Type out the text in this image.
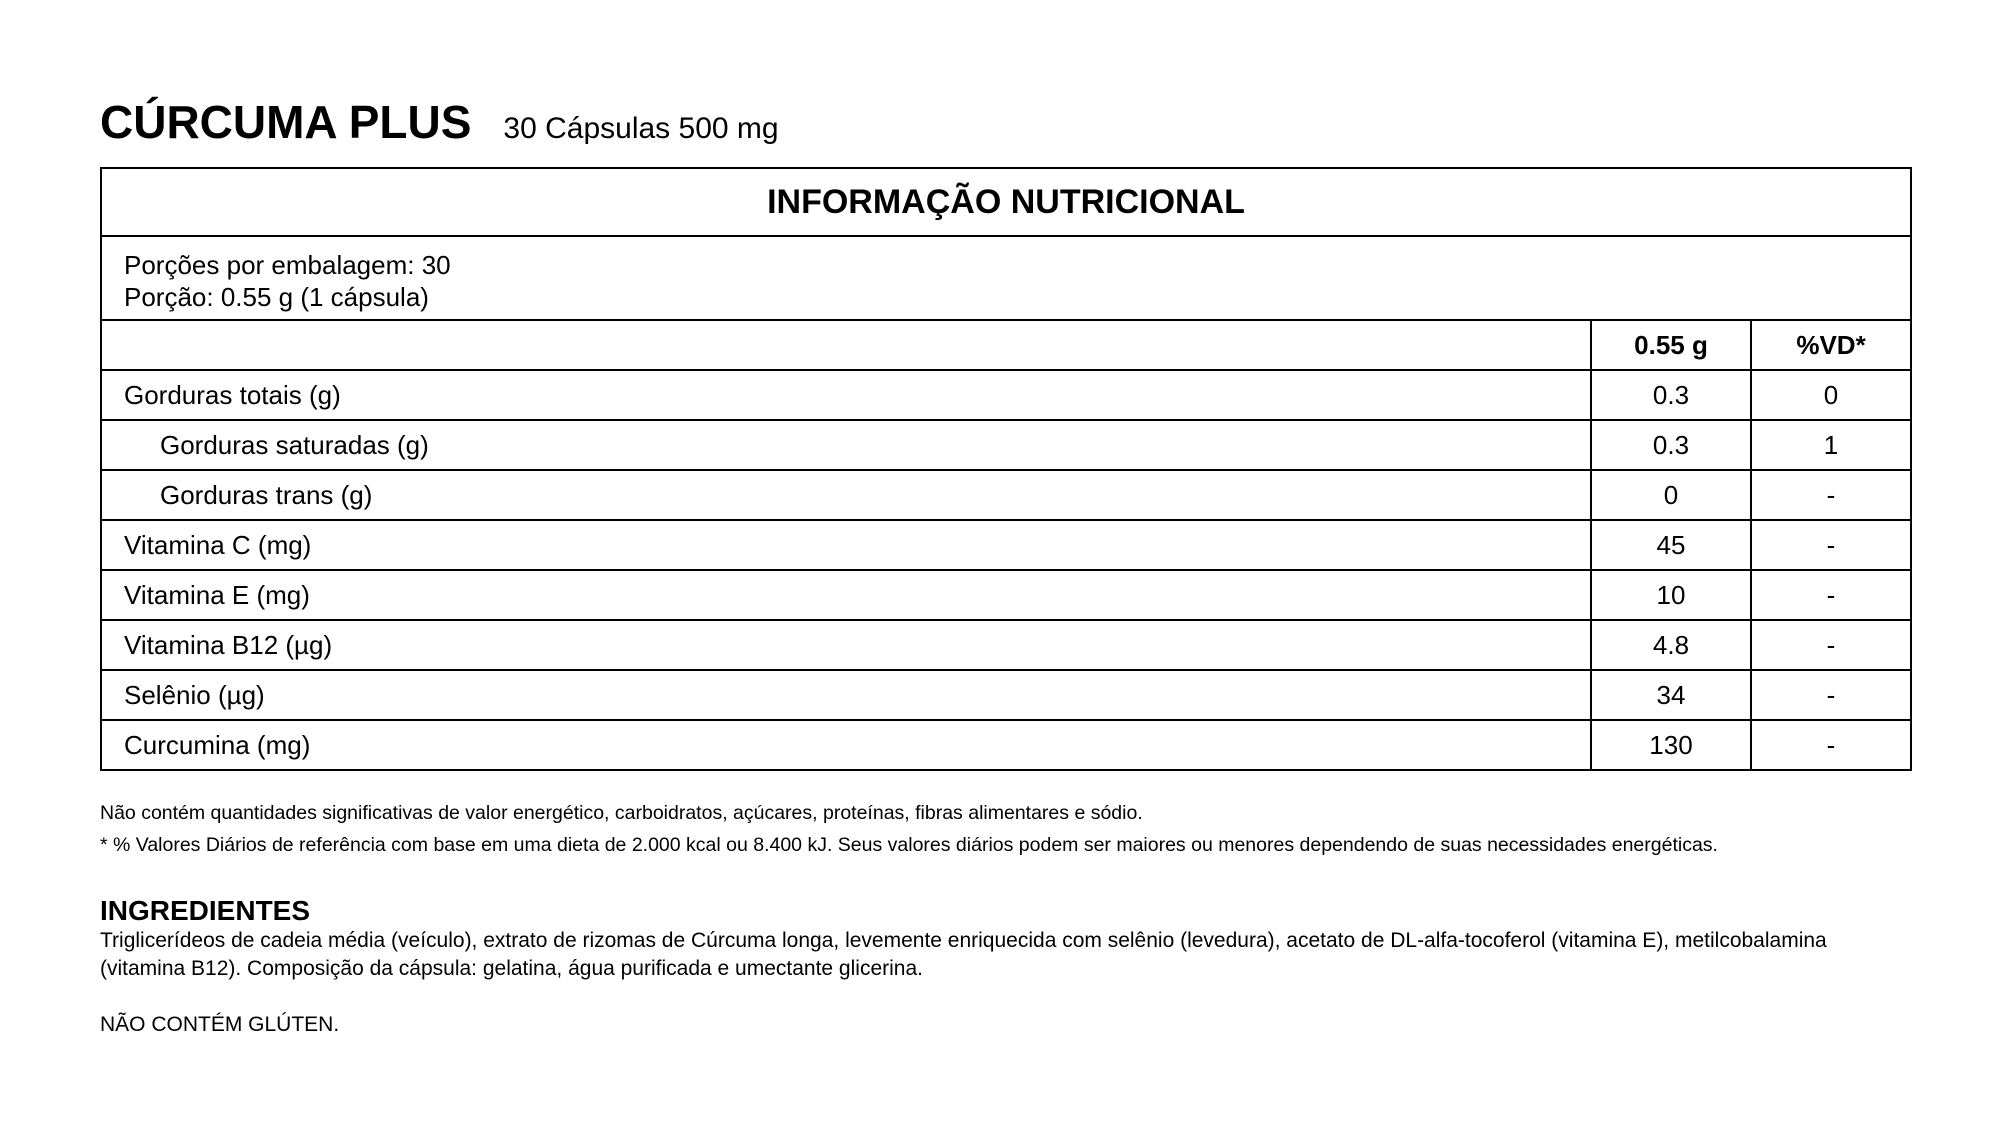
CÚRCUMA PLUS 30 Cápsulas 500 mg
INFORMAÇÃO NUTRICIONAL		

Porções por embalagem: 30
Porção: 0.55 g (1 cápsula)		

	0.55 g	%VD*
Gorduras totais (g)	0.3	0
Gorduras saturadas (g)	0.3	1
Gorduras trans (g)	0	-
Vitamina C (mg)	45	-
Vitamina E (mg)	10	-
Vitamina B12 (µg)	4.8	-
Selênio (µg)	34	-
Curcumina (mg)	130	-
Não contém quantidades significativas de valor energético, carboidratos, açúcares, proteínas, fibras alimentares e sódio.
* % Valores Diários de referência com base em uma dieta de 2.000 kcal ou 8.400 kJ. Seus valores diários podem ser maiores ou menores dependendo de suas necessidades energéticas.
INGREDIENTES
Triglicerídeos de cadeia média (veículo), extrato de rizomas de Cúrcuma longa, levemente enriquecida com selênio (levedura), acetato de DL-alfa-tocoferol (vitamina E), metilcobalamina (vitamina B12). Composição da cápsula: gelatina, água purificada e umectante glicerina.
NÃO CONTÉM GLÚTEN.
